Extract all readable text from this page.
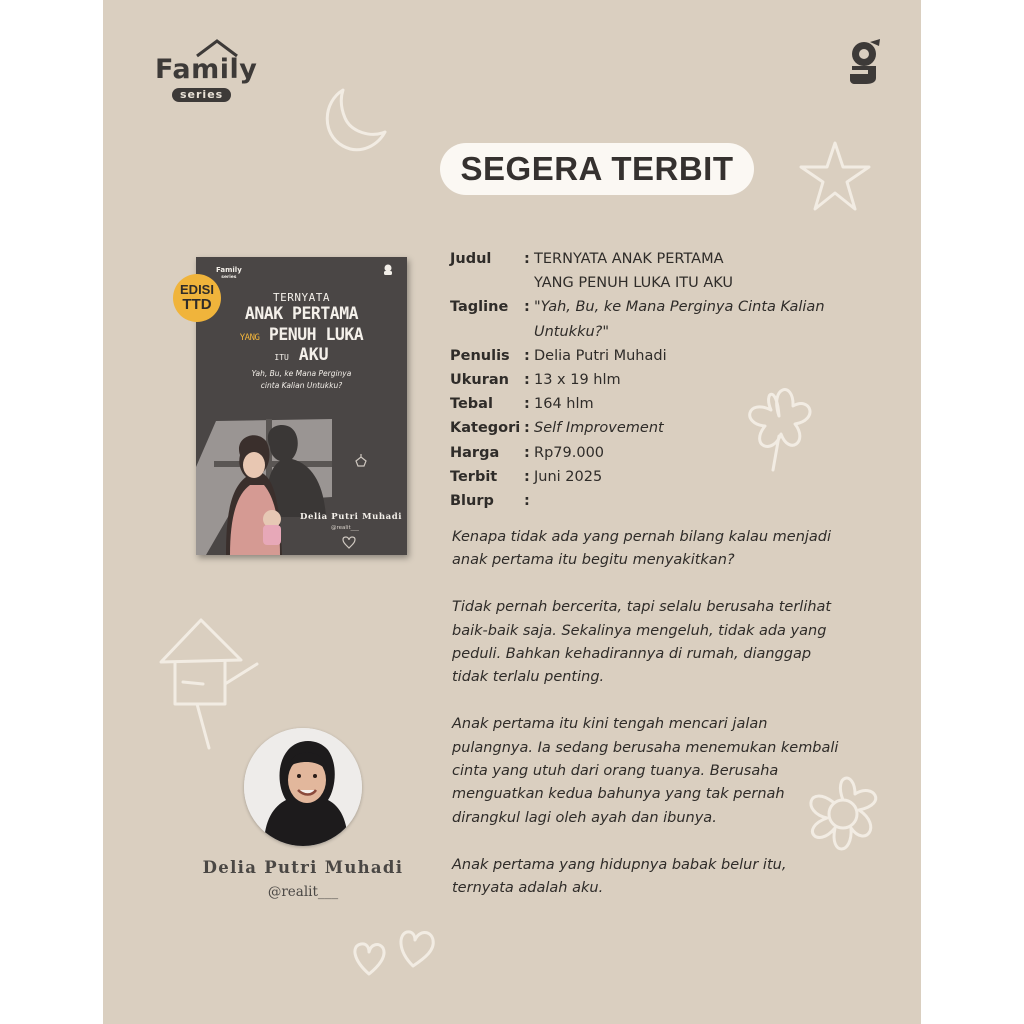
Family
series
SEGERA TERBIT
EDISI
TTD
Family
series
TERNYATA
ANAK PERTAMA
YANG PENUH LUKA
ITU AKU
Yah, Bu, ke Mana Perginya
cinta Kalian Untukku?
Delia Putri Muhadi
@realit___
Judul	: TERNYATA ANAK PERTAMA
YANG PENUH LUKA ITU AKU
Tagline	: "Yah, Bu, ke Mana Perginya Cinta Kalian
Untukku?"
Penulis : Delia Putri Muhadi
Ukuran	: 13 x 19 hlm
Tebal	: 164 hlm
Kategori : Self Improvement
Harga	: Rp79.000
Terbit	: Juni 2025
Blurp	:

Kenapa tidak ada yang pernah bilang kalau menjadi
anak pertama itu begitu menyakitkan?

Tidak pernah bercerita, tapi selalu berusaha terlihat
baik-baik saja. Sekalinya mengeluh, tidak ada yang
peduli. Bahkan kehadirannya di rumah, dianggap
tidak terlalu penting.

Anak pertama itu kini tengah mencari jalan
pulangnya. Ia sedang berusaha menemukan kembali
cinta yang utuh dari orang tuanya. Berusaha
menguatkan kedua bahunya yang tak pernah
dirangkul lagi oleh ayah dan ibunya.

Anak pertama yang hidupnya babak belur itu,
ternyata adalah aku.

Delia Putri Muhadi
@realit___
